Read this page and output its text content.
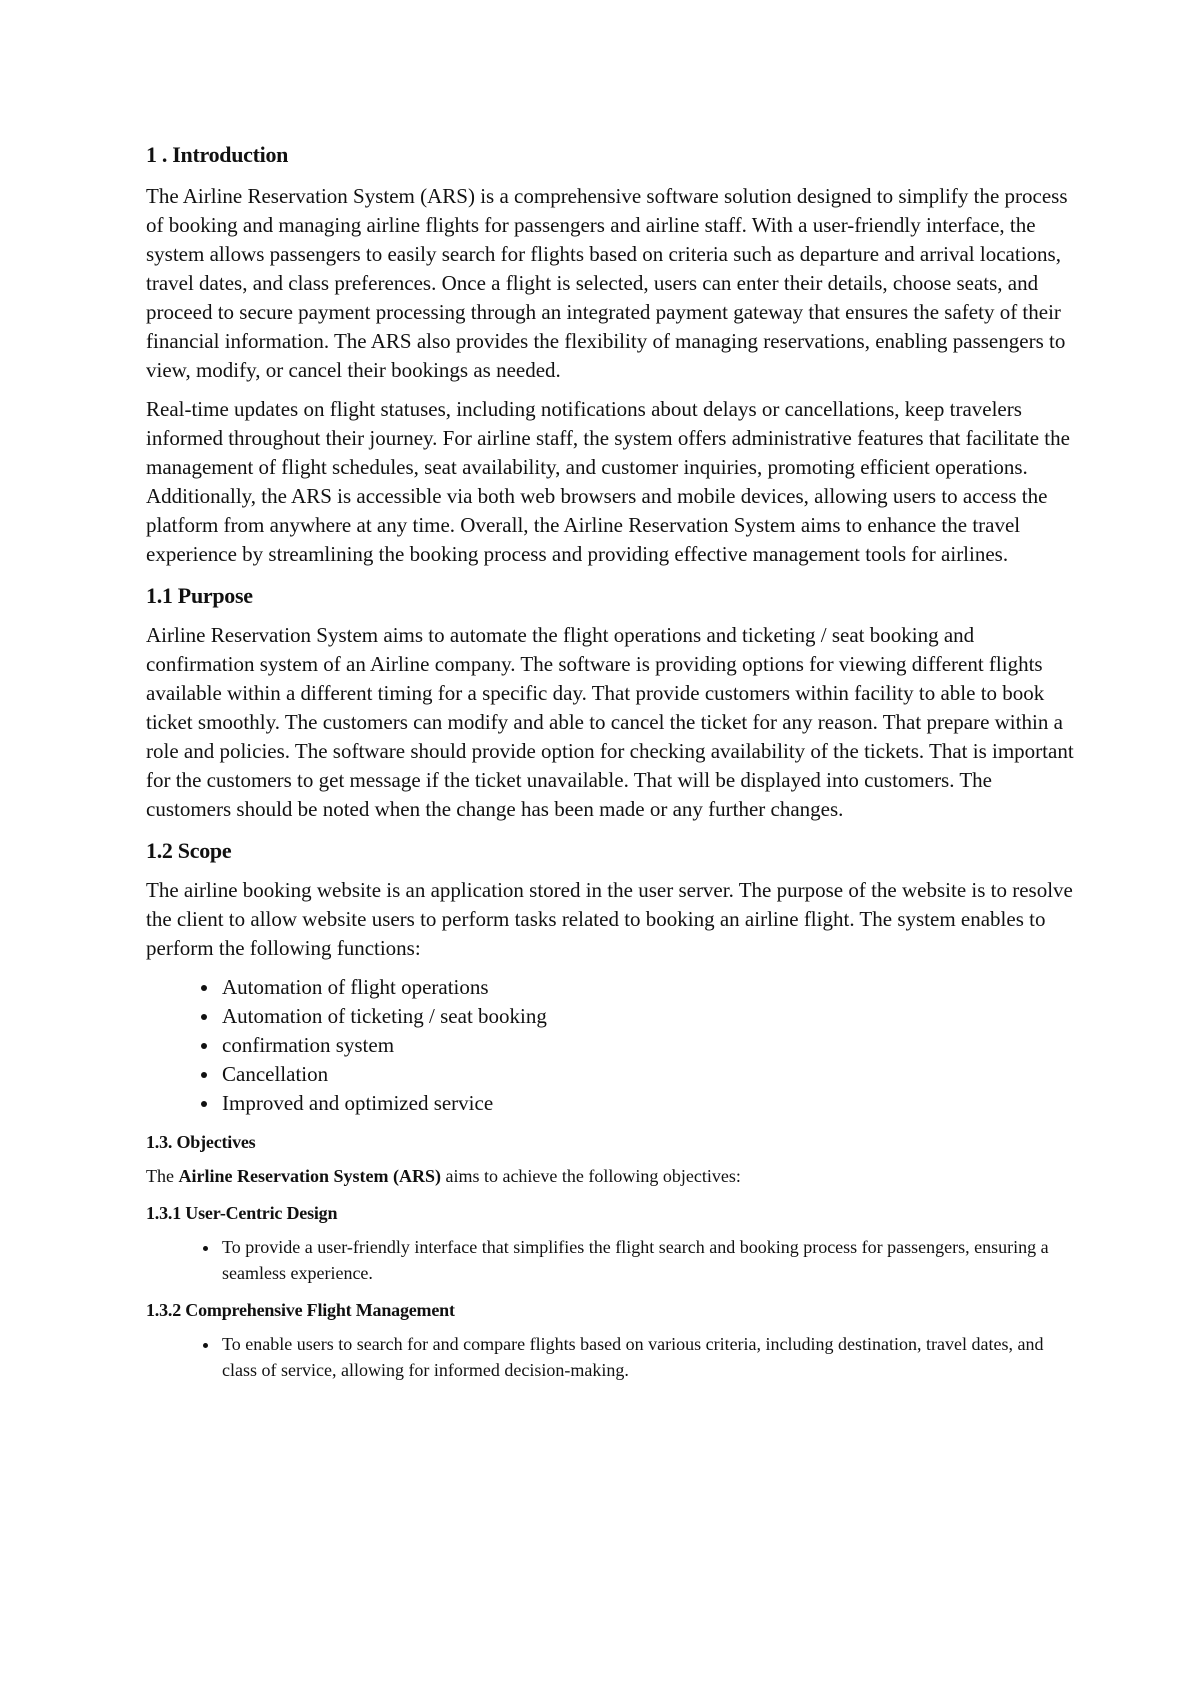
1 . Introduction

The Airline Reservation System (ARS) is a comprehensive software solution designed to simplify the process of booking and managing airline flights for passengers and airline staff. With a user-friendly interface, the system allows passengers to easily search for flights based on criteria such as departure and arrival locations, travel dates, and class preferences. Once a flight is selected, users can enter their details, choose seats, and proceed to secure payment processing through an integrated payment gateway that ensures the safety of their financial information. The ARS also provides the flexibility of managing reservations, enabling passengers to view, modify, or cancel their bookings as needed.

Real-time updates on flight statuses, including notifications about delays or cancellations, keep travelers informed throughout their journey. For airline staff, the system offers administrative features that facilitate the management of flight schedules, seat availability, and customer inquiries, promoting efficient operations. Additionally, the ARS is accessible via both web browsers and mobile devices, allowing users to access the platform from anywhere at any time. Overall, the Airline Reservation System aims to enhance the travel experience by streamlining the booking process and providing effective management tools for airlines.

1.1 Purpose

Airline Reservation System aims to automate the flight operations and ticketing / seat booking and confirmation system of an Airline company. The software is providing options for viewing different flights available within a different timing for a specific day. That provide customers within facility to able to book ticket smoothly. The customers can modify and able to cancel the ticket for any reason. That prepare within a role and policies. The software should provide option for checking availability of the tickets. That is important for the customers to get message if the ticket unavailable. That will be displayed into customers. The customers should be noted when the change has been made or any further changes.

1.2 Scope

The airline booking website is an application stored in the user server. The purpose of the website is to resolve the client to allow website users to perform tasks related to booking an airline flight. The system enables to perform the following functions:

• Automation of flight operations
• Automation of ticketing / seat booking
• confirmation system
• Cancellation
• Improved and optimized service
1.3. Objectives

The Airline Reservation System (ARS) aims to achieve the following objectives:

1.3.1 User-Centric Design
• To provide a user-friendly interface that simplifies the flight search and booking process for passengers, ensuring a seamless experience.
1.3.2 Comprehensive Flight Management
• To enable users to search for and compare flights based on various criteria, including destination, travel dates, and class of service, allowing for informed decision-making.
